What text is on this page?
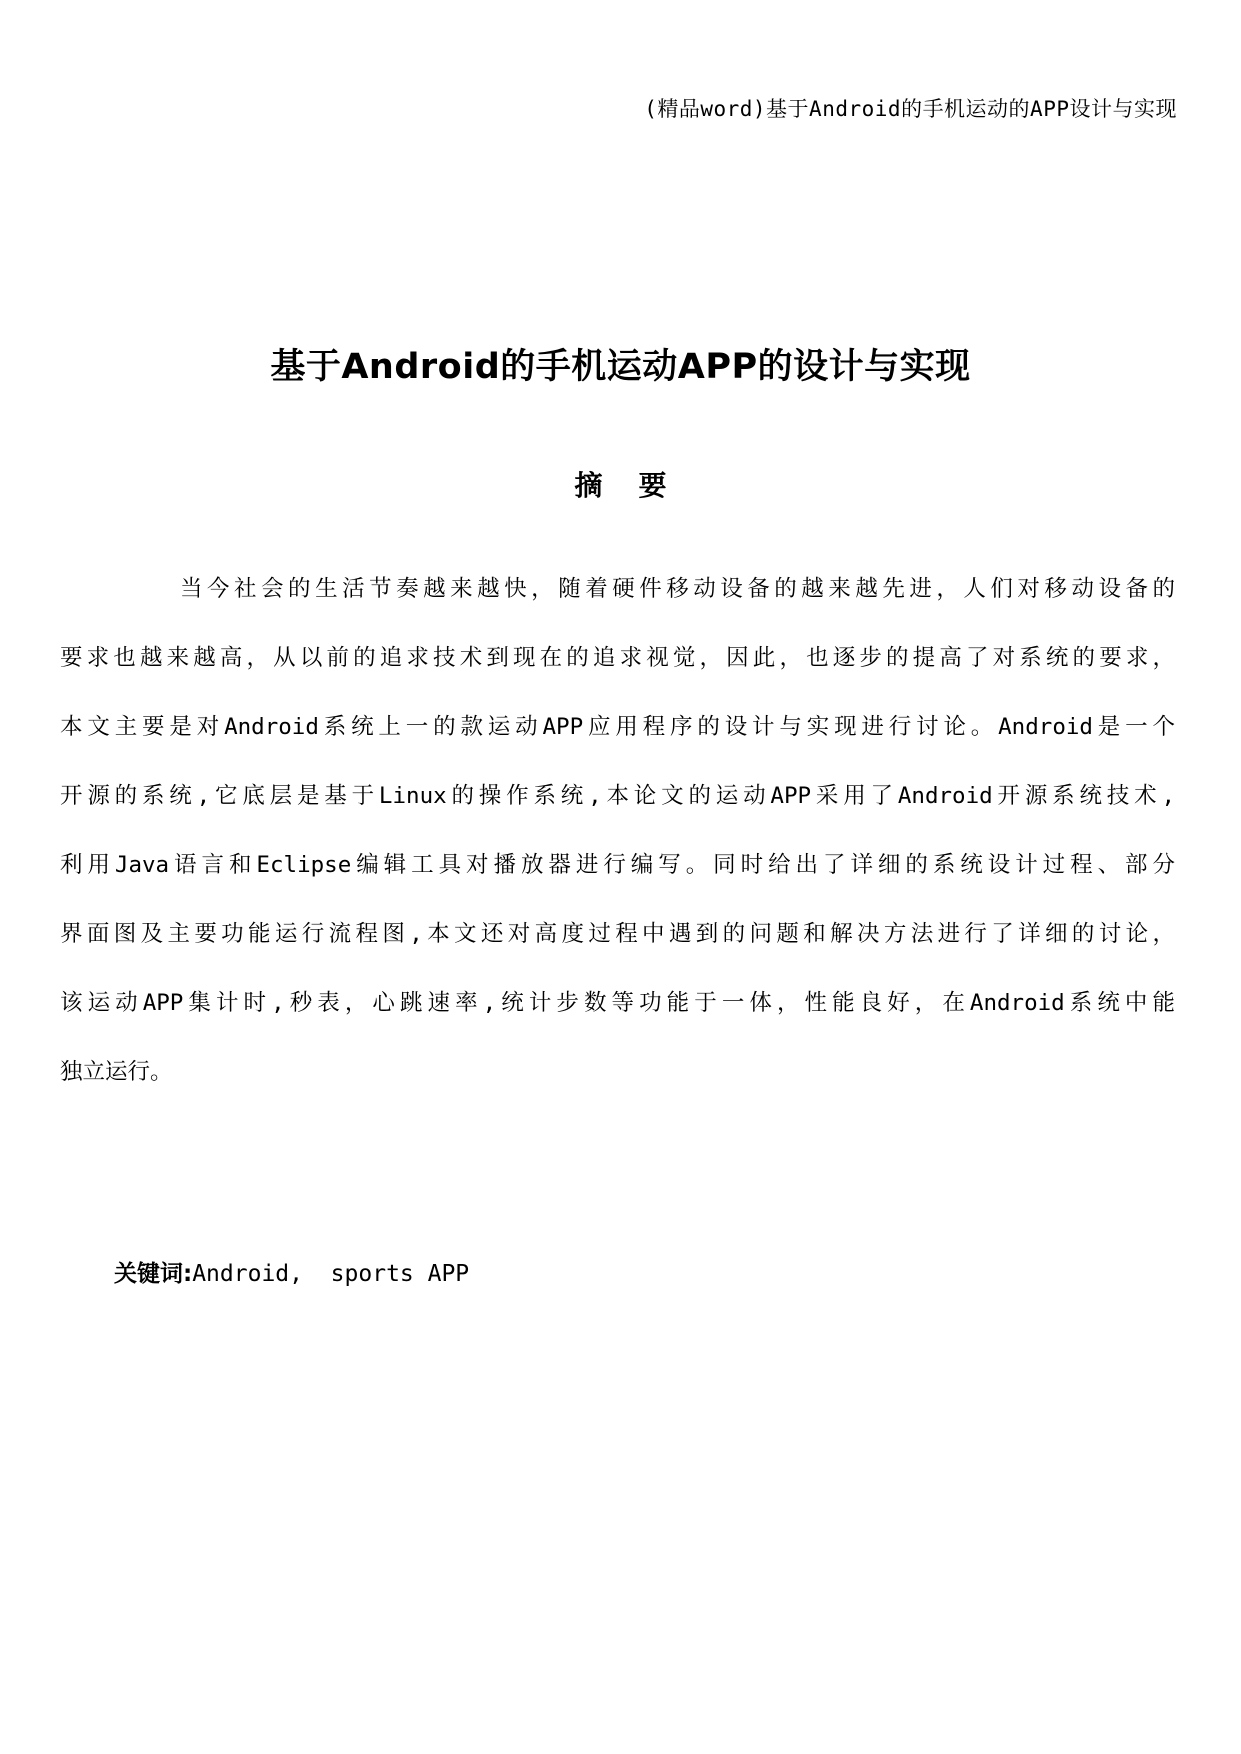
(精品word)基于Android的手机运动的APP设计与实现
基于Android的手机运动APP的设计与实现
摘 要
当今社会的生活节奏越来越快，随着硬件移动设备的越来越先进，人们对移动设备的
要求也越来越高，从以前的追求技术到现在的追求视觉，因此，也逐步的提高了对系统的要求，
本文主要是对Android系统上一的款运动APP应用程序的设计与实现进行讨论。Android是一个
开源的系统,它底层是基于Linux的操作系统,本论文的运动APP采用了Android开源系统技术,
利用Java语言和Eclipse编辑工具对播放器进行编写。同时给出了详细的系统设计过程、部分
界面图及主要功能运行流程图,本文还对高度过程中遇到的问题和解决方法进行了详细的讨论，
该运动APP集计时,秒表，心跳速率,统计步数等功能于一体，性能良好，在Android系统中能
独立运行。
关键词:Android,  sports APP
